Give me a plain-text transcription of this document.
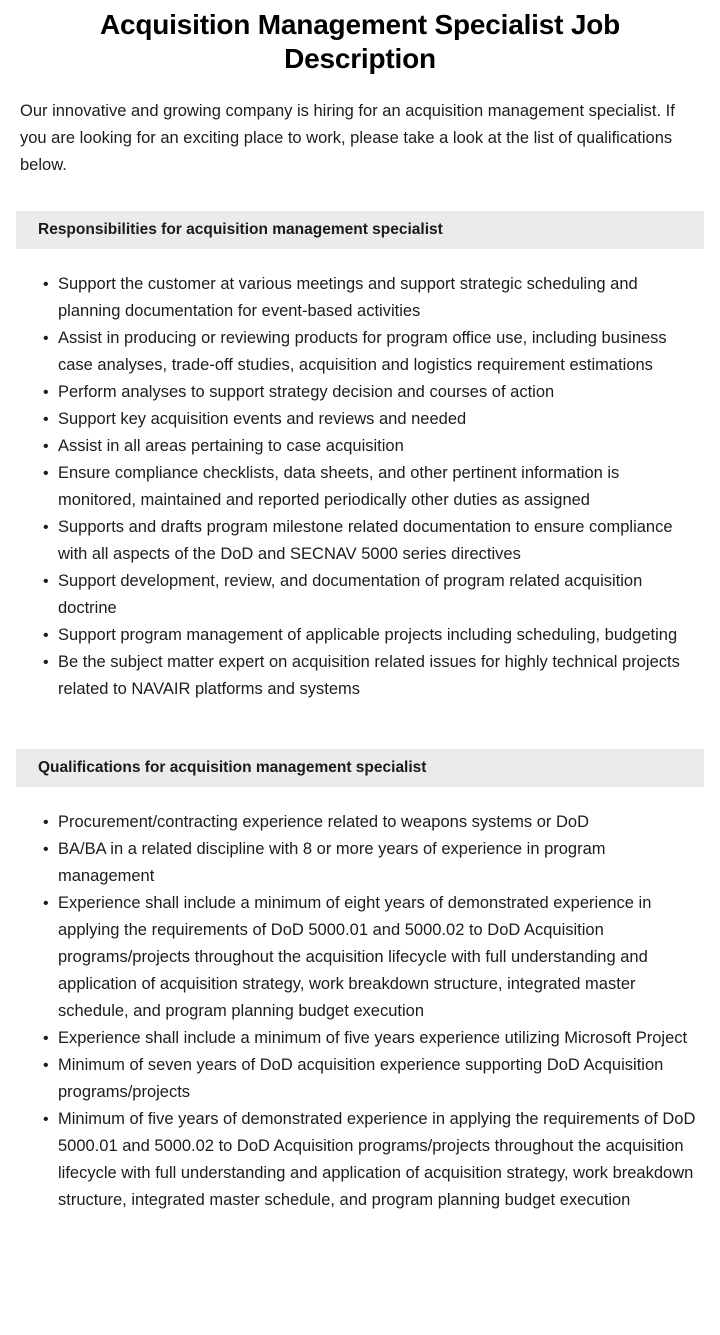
Acquisition Management Specialist Job Description

Our innovative and growing company is hiring for an acquisition management specialist. If you are looking for an exciting place to work, please take a look at the list of qualifications below.

Responsibilities for acquisition management specialist
• Support the customer at various meetings and support strategic scheduling and planning documentation for event-based activities
• Assist in producing or reviewing products for program office use, including business case analyses, trade-off studies, acquisition and logistics requirement estimations
• Perform analyses to support strategy decision and courses of action
• Support key acquisition events and reviews and needed
• Assist in all areas pertaining to case acquisition
• Ensure compliance checklists, data sheets, and other pertinent information is monitored, maintained and reported periodically other duties as assigned
• Supports and drafts program milestone related documentation to ensure compliance with all aspects of the DoD and SECNAV 5000 series directives
• Support development, review, and documentation of program related acquisition doctrine
• Support program management of applicable projects including scheduling, budgeting
• Be the subject matter expert on acquisition related issues for highly technical projects related to NAVAIR platforms and systems
Qualifications for acquisition management specialist
• Procurement/contracting experience related to weapons systems or DoD
• BA/BA in a related discipline with 8 or more years of experience in program management
• Experience shall include a minimum of eight years of demonstrated experience in applying the requirements of DoD 5000.01 and 5000.02 to DoD Acquisition programs/projects throughout the acquisition lifecycle with full understanding and application of acquisition strategy, work breakdown structure, integrated master schedule, and program planning budget execution
• Experience shall include a minimum of five years experience utilizing Microsoft Project
• Minimum of seven years of DoD acquisition experience supporting DoD Acquisition programs/projects
• Minimum of five years of demonstrated experience in applying the requirements of DoD 5000.01 and 5000.02 to DoD Acquisition programs/projects throughout the acquisition lifecycle with full understanding and application of acquisition strategy, work breakdown structure, integrated master schedule, and program planning budget execution
